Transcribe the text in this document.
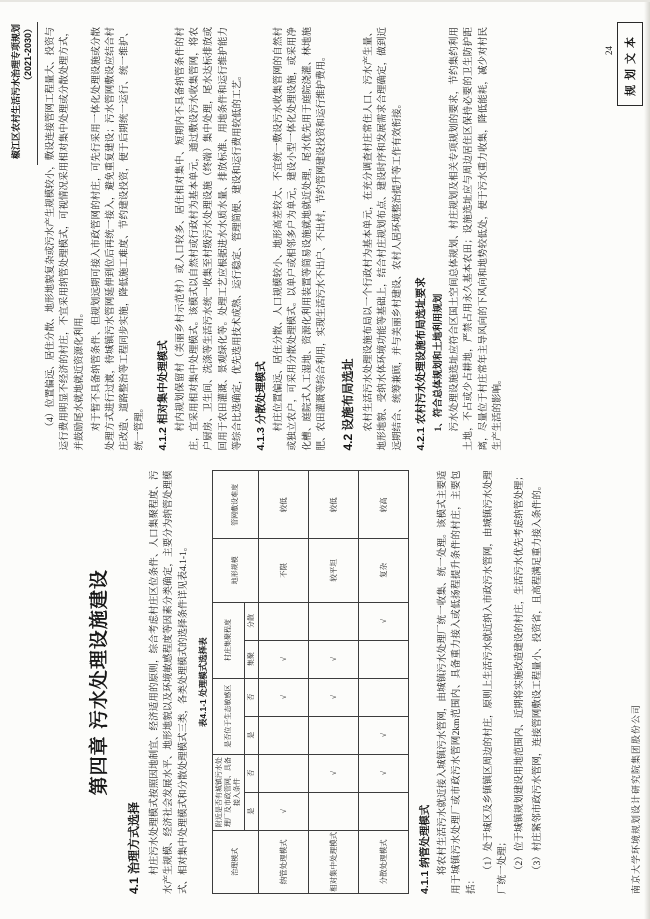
椒江区农村生活污水治理专项规划 （2021-2030）
第四章 污水处理设施建设
4.1 治理方式选择 村庄污水处理模式按照因地制宜、经济适用的原则，综合考虑村庄区位条件、人口集聚程度、污水产生规模、经济社会发展水平、地形地貌以及环境敏感程度等因素分类确定，主要分为纳管处理模式、相对集中处理模式和分散处理模式三类，各类处理模式的选择条件详见表4.1-1。 表4.1-1 处理模式选择表
治理模式	附近是否有城镇污水处理厂及市政管网、具备接入条件		是否位于生态敏感区		村庄集聚程度		地形规模	管网敷设难度
	是	否	是	否	集聚	分散		
纳管处理模式	√			√	√		不限	较低
相对集中处理模式		√		√	√		较平坦	较低
分散处理模式		√	√			√	复杂	较高
4.1.1 纳管处理模式 将农村生活污水就近接入城镇污水管网，由城镇污水处理厂统一收集、统一处理。该模式主要适用于城镇污水处理厂或市政污水管网2km范围内、具备重力接入或低扬程提升条件的村庄，主要包括：

（1）处于城区及乡镇镇区周边的村庄，原则上生活污水就近纳入市政污水管网，由城镇污水处理厂统一处理； （2）位于城镇规划建设用地范围内、近期将实施改造建设的村庄，生活污水优先考虑纳管处理； （3）村庄紧邻市政污水管网，连接管网敷设工程量小、投资省，且高程满足重力接入条件的。

（4）位置偏远、居住分散、地形地貌复杂或污水产生规模较小，敷设连接管网工程量大、投资与运行费用明显不经济的村庄，不宜采用纳管处理模式，可视情况采用相对集中处理或分散处理方式，并鼓励尾水就地就近资源化利用。 对于暂不具备纳管条件、但规划远期可接入市政管网的村庄，可先行采用一体化处理设施或分散处理方式进行过渡，待城镇污水管网延伸到位后再统一接入，避免重复建设；污水管网敷设应结合村庄改造、道路整治等工程同步实施，降低施工难度、节约建设投资，便于后期统一运行、统一维护、统一管理。 4.1.2 相对集中处理模式 村内规划保留村（美丽乡村示范村）或人口较多、居住相对集中、短期内不具备纳管条件的村庄，宜采用相对集中处理模式。该模式以自然村或行政村为基本单元，通过敷设污水收集管网，将农户厨房、卫生间、洗涤等生活污水统一收集至村级污水处理设施（终端）集中处理，尾水达标排放或回用于农田灌溉、景观绿化等。处理工艺应根据进水水质水量、排放标准、用地条件和运行维护能力等综合比选确定，优先选用技术成熟、运行稳定、管理简便、建设和运行费用较低的工艺。 4.1.3 分散处理模式 村庄位置偏远、居住分散、人口规模较小、地形高差较大、不宜统一敷设污水收集管网的自然村或独立农户，可采用分散处理模式。以单户或相邻多户为单元，建设小型一体化处理设施，或采用净化槽、庭院式人工湿地、资源化利用装置等简易设施就地就近处理，尾水优先用于庭院浇灌、林地施肥、农田灌溉等综合利用，实现生活污水不出户、不出村，节约管网建设投资和运行维护费用。 4.2 设施布局选址 农村生活污水处理设施布局以一个行政村为基本单元，在充分调查村庄常住人口、污水产生量、地形地貌、受纳水体环境功能等基础上，结合村庄规划布点、建设时序和发展需求合理确定，做到近远期结合、统筹兼顾，并与美丽乡村建设、农村人居环境整治提升等工作有效衔接。 4.2.1 农村污水处理设施布局选址要求 1、符合总体规划和土地利用规划 污水处理设施选址应符合区国土空间总体规划、村庄规划及相关专项规划的要求，节约集约利用土地，不占或少占耕地，严禁占用永久基本农田；设施选址应与周边居住区保持必要的卫生防护距离，尽量位于村庄常年主导风向的下风向和地势较低处，便于污水重力收集，降低能耗，减少对村民生产生活的影响。

南京大学环境规划设计研究院集团股份公司
24	规划文本
